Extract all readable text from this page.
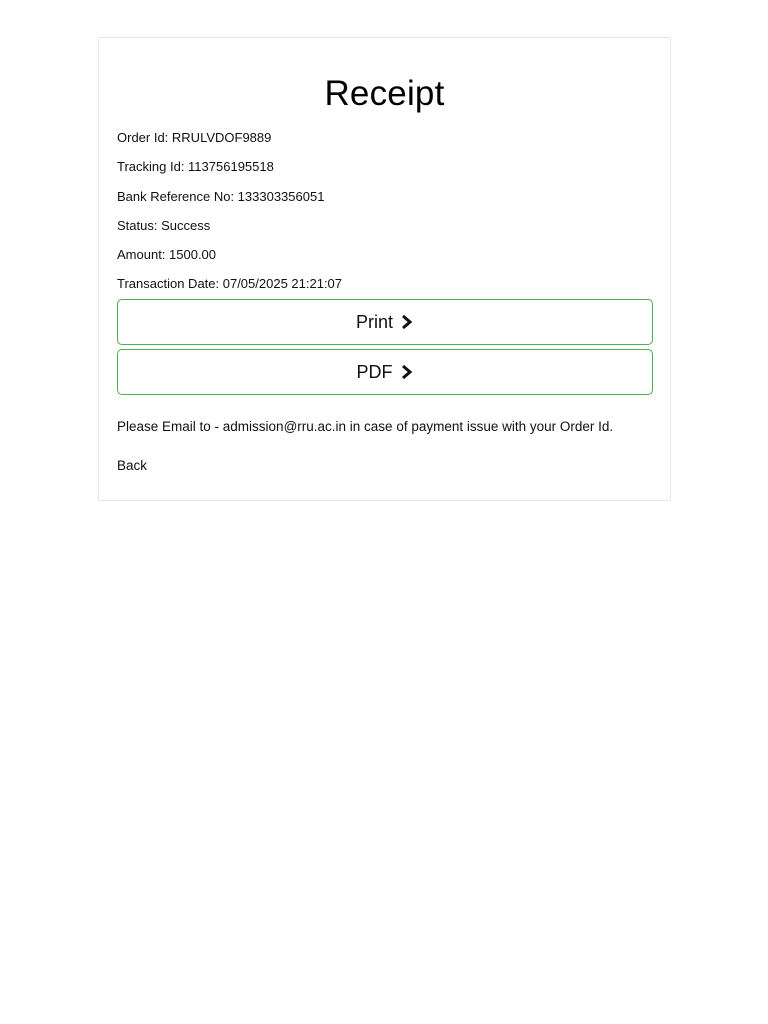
Receipt
Order Id: RRULVDOF9889
Tracking Id: 113756195518
Bank Reference No: 133303356051
Status: Success
Amount: 1500.00
Transaction Date: 07/05/2025 21:21:07
Print
PDF

Please Email to - admission@rru.ac.in in case of payment issue with your Order Id.

Back
